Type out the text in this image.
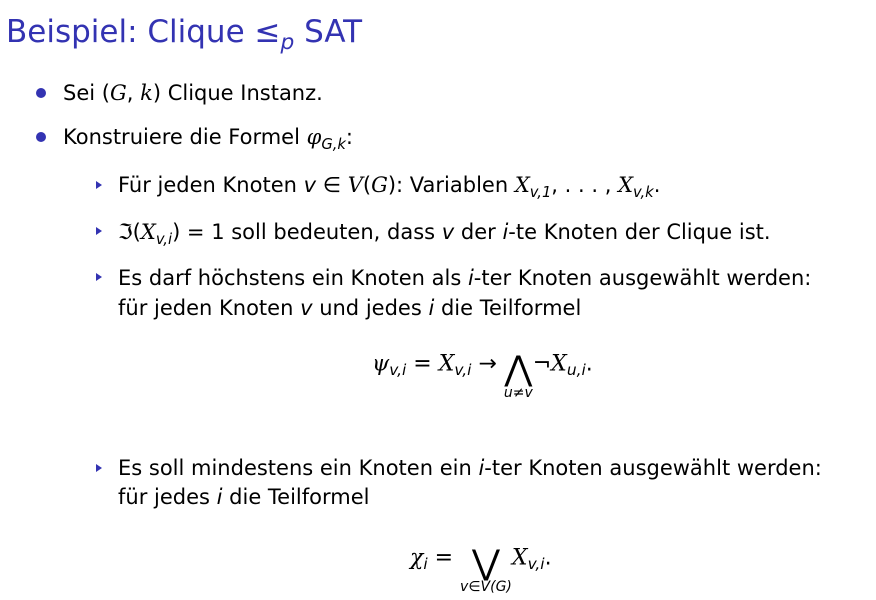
Beispiel: Clique $\le_p$ SAT
Sei (G, k) Clique Instanz.
Konstruiere die Formel $\varphi_{G,k}$:
Für jeden Knoten v ∈ V(G): Variablen $X_{v,1}$, . . . , $X_{v,k}$.
$ℑ(X_{v,i}) = 1$ soll bedeuten, dass v der i-te Knoten der Clique ist.
Es darf höchstens ein Knoten als i-ter Knoten ausgewählt werden:
für jeden Knoten v und jedes i die Teilformel
$\psi_{v,i} = X_{v,i}$ → ⋀
u≠v
$\neg X_{u,i}$.
Es soll mindestens ein Knoten ein i-ter Knoten ausgewählt werden:
für jedes i die Teilformel
$\chi_i$ = ⋁
v∈V(G)
$X_{v,i}$.
